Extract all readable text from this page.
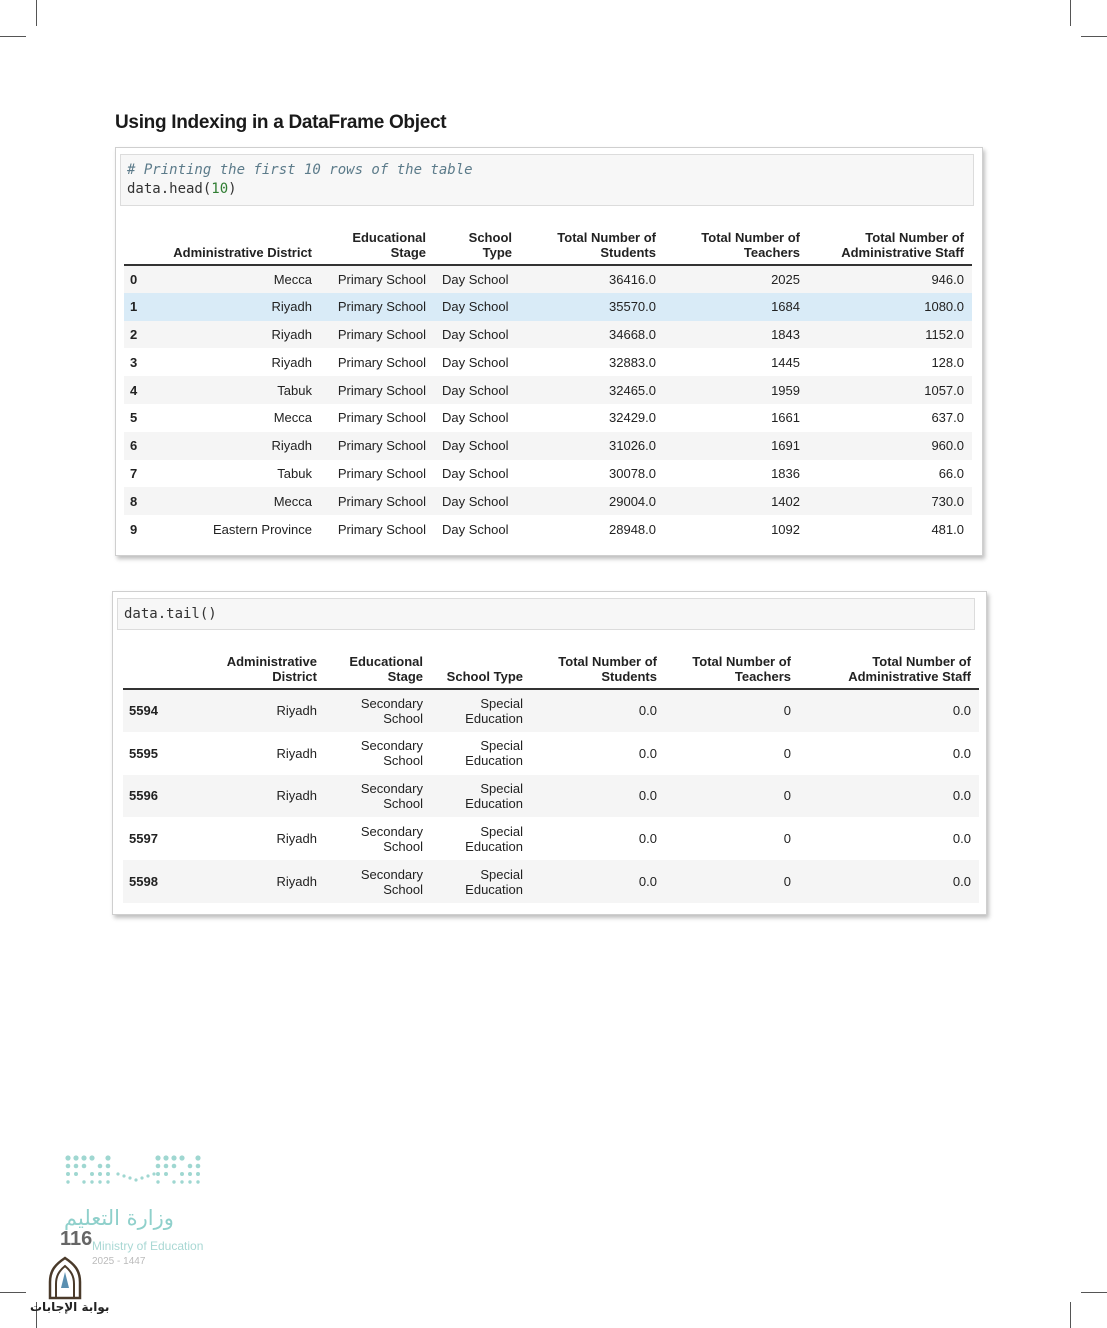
Using Indexing in a DataFrame Object
# Printing the first 10 rows of the table
data.head(10)
	Administrative District	Educational Stage	School Type	Total Number of Students	Total Number of Teachers	Total Number of Administrative Staff
0	Mecca	Primary School	Day School	36416.0	2025	946.0
1	Riyadh	Primary School	Day School	35570.0	1684	1080.0
2	Riyadh	Primary School	Day School	34668.0	1843	1152.0
3	Riyadh	Primary School	Day School	32883.0	1445	128.0
4	Tabuk	Primary School	Day School	32465.0	1959	1057.0
5	Mecca	Primary School	Day School	32429.0	1661	637.0
6	Riyadh	Primary School	Day School	31026.0	1691	960.0
7	Tabuk	Primary School	Day School	30078.0	1836	66.0
8	Mecca	Primary School	Day School	29004.0	1402	730.0
9	Eastern Province	Primary School	Day School	28948.0	1092	481.0
data.tail()
	Administrative District	Educational Stage	School Type	Total Number of Students	Total Number of Teachers	Total Number of Administrative Staff
5594	Riyadh	Secondary School	Special Education	0.0	0	0.0
5595	Riyadh	Secondary School	Special Education	0.0	0	0.0
5596	Riyadh	Secondary School	Special Education	0.0	0	0.0
5597	Riyadh	Secondary School	Special Education	0.0	0	0.0
5598	Riyadh	Secondary School	Special Education	0.0	0	0.0
وزارة التعليم
116 Ministry of Education
2025 - 1447
بوابة الإجابات
